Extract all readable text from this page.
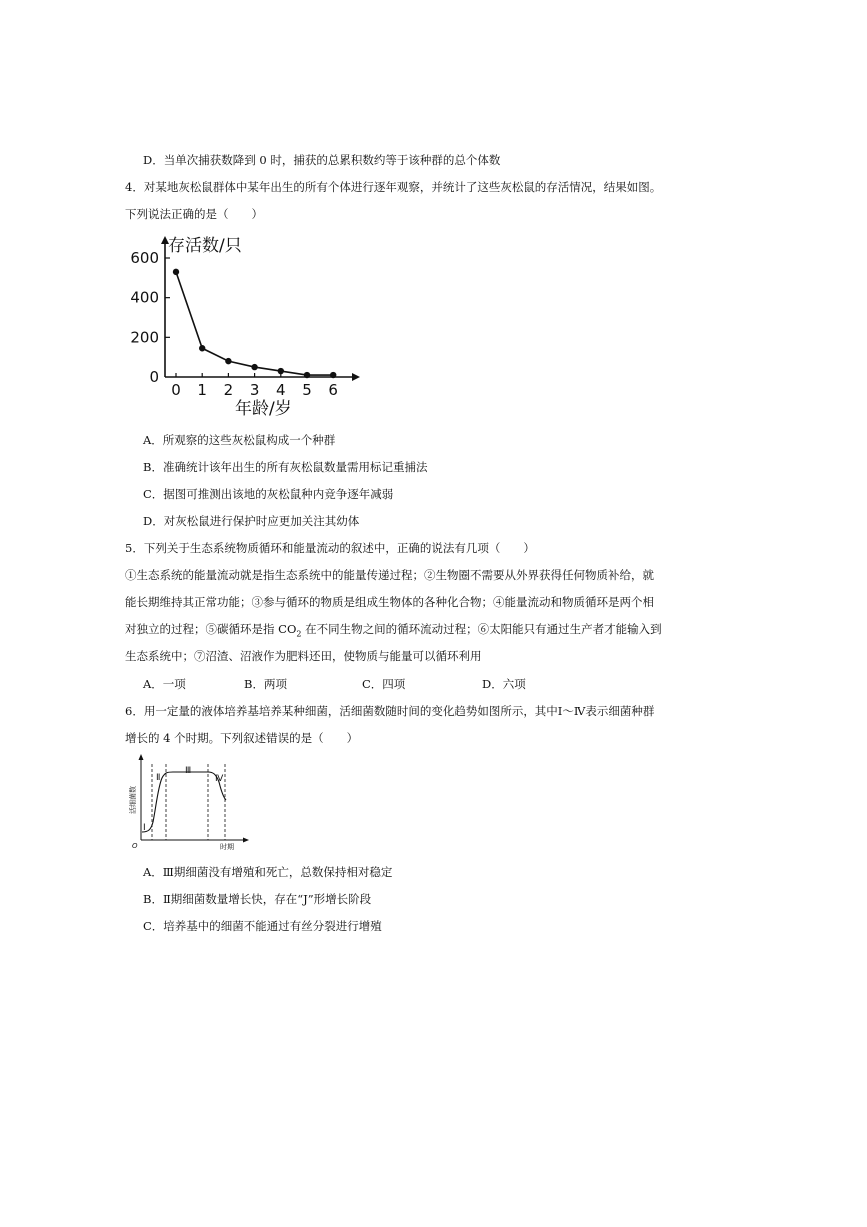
D．当单次捕获数降到 0 时，捕获的总累积数约等于该种群的总个体数
4．对某地灰松鼠群体中某年出生的所有个体进行逐年观察，并统计了这些灰松鼠的存活情况，结果如图。
下列说法正确的是（　　）
0
200
400
600
0 1 2 3 4 5 6
存活数/只
年龄/岁
A．所观察的这些灰松鼠构成一个种群
B．准确统计该年出生的所有灰松鼠数量需用标记重捕法
C．据图可推测出该地的灰松鼠种内竞争逐年减弱
D．对灰松鼠进行保护时应更加关注其幼体
5．下列关于生态系统物质循环和能量流动的叙述中，正确的说法有几项（　　）
①生态系统的能量流动就是指生态系统中的能量传递过程；②生物圈不需要从外界获得任何物质补给，就
能长期维持其正常功能；③参与循环的物质是组成生物体的各种化合物；④能量流动和物质循环是两个相
对独立的过程；⑤碳循环是指 $CO_2$ 在不同生物之间的循环流动过程；⑥太阳能只有通过生产者才能输入到
生态系统中；⑦沼渣、沼液作为肥料还田，使物质与能量可以循环利用
A．一项	B．两项	C．四项	D．六项
6．用一定量的液体培养基培养某种细菌，活细菌数随时间的变化趋势如图所示，其中Ⅰ～Ⅳ表示细菌种群
增长的 4 个时期。下列叙述错误的是（　　）
Ⅰ
Ⅱ
Ⅲ
Ⅳ
活细菌数
时期
O
A．Ⅲ期细菌没有增殖和死亡，总数保持相对稳定
B．Ⅱ期细菌数量增长快，存在“J”形增长阶段
C．培养基中的细菌不能通过有丝分裂进行增殖
